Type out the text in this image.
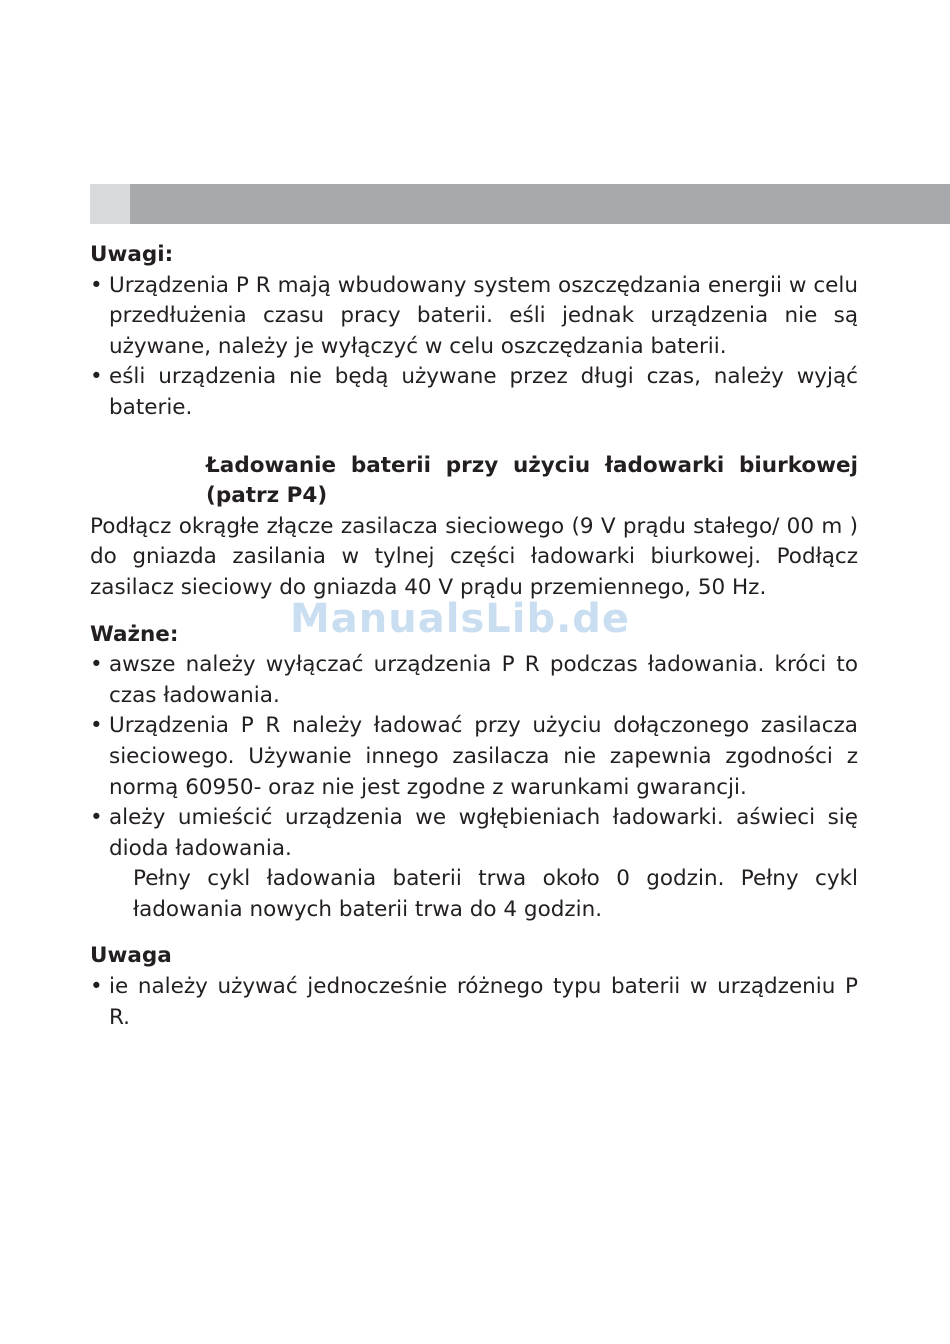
Uwagi:

• Urządzenia P R mają wbudowany system oszczędzania energii w celu przedłużenia czasu pracy baterii. eśli jednak urządzenia nie są używane, należy je wyłączyć w celu oszczędzania baterii.
• eśli urządzenia nie będą używane przez długi czas, należy wyjąć baterie.

Ładowanie baterii przy użyciu ładowarki biurkowej (patrz P4)

Podłącz okrągłe złącze zasilacza sieciowego (9 V prądu stałego/ 00 m ) do gniazda zasilania w tylnej części ładowarki biurkowej. Podłącz zasilacz sieciowy do gniazda 40 V prądu przemiennego, 50 Hz.

Ważne:

• awsze należy wyłączać urządzenia P R podczas ładowania. króci to czas ładowania.
• Urządzenia P R należy ładować przy użyciu dołączonego zasilacza sieciowego. Używanie innego zasilacza nie zapewnia zgodności z normą 60950- oraz nie jest zgodne z warunkami gwarancji.
• ależy umieścić urządzenia we wgłębieniach ładowarki. aświeci się dioda ładowania.

Pełny cykl ładowania baterii trwa około 0 godzin. Pełny cykl ładowania nowych baterii trwa do 4 godzin.

Uwaga

• ie należy używać jednocześnie różnego typu baterii w urządzeniu P R.
ManualsLib.de
